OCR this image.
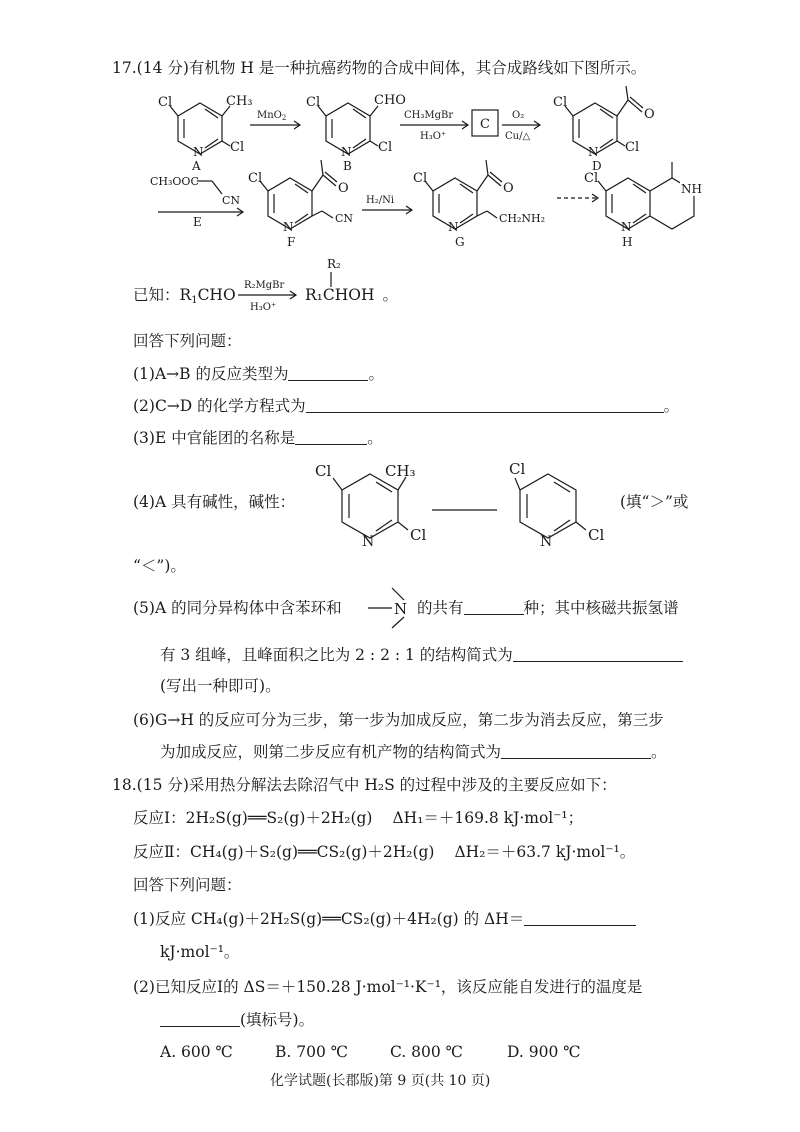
17.(14 分)有机物 H 是一种抗癌药物的合成中间体，其合成路线如下图所示。
Cl	CH₃
N Cl
A
MnO$_2$
Cl	CHO
N Cl
B
CH₃MgBr
H₃O⁺
C
O₂
Cu/△
Cl
O
N Cl
D
CH₃OOC
CN
E
Cl
O
N
CN
F
H₂/Ni
Cl
O
N
CH₂NH₂
G
Cl
NH
N
H
已知：$R_1CHO$
R₂MgBr
H₃O⁺
R₂
R₁CHOH 。
回答下列问题：
(1)A→B 的反应类型为	。
(2)C→D 的化学方程式为	。
(3)E 中官能团的名称是	。
(4)A 具有碱性，碱性：
Cl	CH₃
N Cl
Cl
N Cl
N
(填“＞”或
“＜”)。
(5)A 的同分异构体中含苯环和	的共有	种；其中核磁共振氢谱
有 3 组峰，且峰面积之比为 2 : 2 : 1 的结构简式为
(写出一种即可)。
(6)G→H 的反应可分为三步，第一步为加成反应，第二步为消去反应，第三步
为加成反应，则第二步反应有机产物的结构简式为	。
18.(15 分)采用热分解法去除沼气中 H₂S 的过程中涉及的主要反应如下：
反应Ⅰ：2H₂S(g)══S₂(g)＋2H₂(g) ΔH₁＝＋169.8 kJ·mol⁻¹；
反应Ⅱ：CH₄(g)＋S₂(g)══CS₂(g)＋2H₂(g) ΔH₂＝＋63.7 kJ·mol⁻¹。
回答下列问题：
(1)反应 CH₄(g)＋2H₂S(g)══CS₂(g)＋4H₂(g) 的 ΔH＝
kJ·mol⁻¹。
(2)已知反应Ⅰ的 ΔS＝＋150.28 J·mol⁻¹·K⁻¹，该反应能自发进行的温度是
(填标号)。
A. 600 ℃	B. 700 ℃	C. 800 ℃	D. 900 ℃
化学试题(长郡版)第 9 页(共 10 页)
